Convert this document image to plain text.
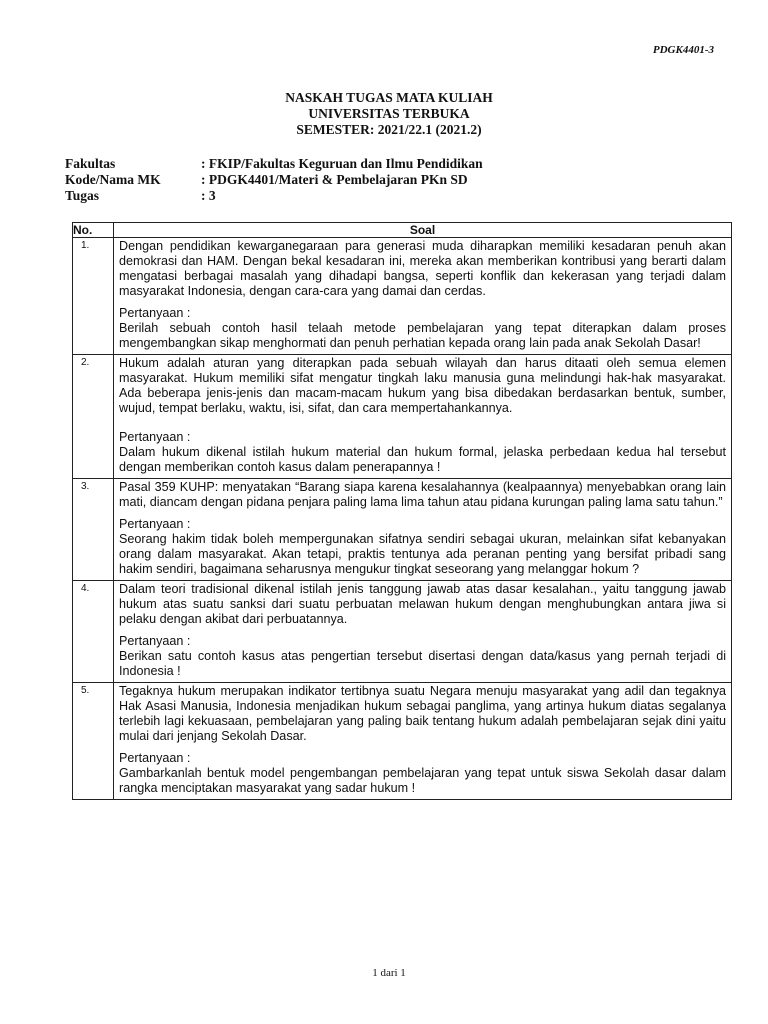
PDGK4401-3
NASKAH TUGAS MATA KULIAH
UNIVERSITAS TERBUKA
SEMESTER: 2021/22.1 (2021.2)
Fakultas	: FKIP/Fakultas Keguruan dan Ilmu Pendidikan
Kode/Nama MK	: PDGK4401/Materi & Pembelajaran PKn SD
Tugas	: 3
No.	Soal
1.	Dengan pendidikan kewarganegaraan para generasi muda diharapkan memiliki kesadaran penuh akan demokrasi dan HAM. Dengan bekal kesadaran ini, mereka akan memberikan kontribusi yang berarti dalam mengatasi berbagai masalah yang dihadapi bangsa, seperti konflik dan kekerasan yang terjadi dalam masyarakat Indonesia, dengan cara-cara yang damai dan cerdas.

Pertanyaan :

Berilah sebuah contoh hasil telaah metode pembelajaran yang tepat diterapkan dalam proses mengembangkan sikap menghormati dan penuh perhatian kepada orang lain pada anak Sekolah Dasar!

2.	Hukum adalah aturan yang diterapkan pada sebuah wilayah dan harus ditaati oleh semua elemen masyarakat. Hukum memiliki sifat mengatur tingkah laku manusia guna melindungi hak-hak masyarakat. Ada beberapa jenis-jenis dan macam-macam hukum yang bisa dibedakan berdasarkan bentuk, sumber, wujud, tempat berlaku, waktu, isi, sifat, dan cara mempertahankannya.

Pertanyaan :

Dalam hukum dikenal istilah hukum material dan hukum formal, jelaska perbedaan kedua hal tersebut dengan memberikan contoh kasus dalam penerapannya !

3.	Pasal 359 KUHP: menyatakan “Barang siapa karena kesalahannya (kealpaannya) menyebabkan orang lain mati, diancam dengan pidana penjara paling lama lima tahun atau pidana kurungan paling lama satu tahun.”

Pertanyaan :

Seorang hakim tidak boleh mempergunakan sifatnya sendiri sebagai ukuran, melainkan sifat kebanyakan orang dalam masyarakat. Akan tetapi, praktis tentunya ada peranan penting yang bersifat pribadi sang hakim sendiri, bagaimana seharusnya mengukur tingkat seseorang yang melanggar hokum ?

4.	Dalam teori tradisional dikenal istilah jenis tanggung jawab atas dasar kesalahan., yaitu tanggung jawab hukum atas suatu sanksi dari suatu perbuatan melawan hukum dengan menghubungkan antara jiwa si pelaku dengan akibat dari perbuatannya.

Pertanyaan :

Berikan satu contoh kasus atas pengertian tersebut disertasi dengan data/kasus yang pernah terjadi di Indonesia !

5.	Tegaknya hukum merupakan indikator tertibnya suatu Negara menuju masyarakat yang adil dan tegaknya Hak Asasi Manusia, Indonesia menjadikan hukum sebagai panglima, yang artinya hukum diatas segalanya terlebih lagi kekuasaan, pembelajaran yang paling baik tentang hukum adalah pembelajaran sejak dini yaitu mulai dari jenjang Sekolah Dasar.

Pertanyaan :

Gambarkanlah bentuk model pengembangan pembelajaran yang tepat untuk siswa Sekolah dasar dalam rangka menciptakan masyarakat yang sadar hukum !

1 dari 1
